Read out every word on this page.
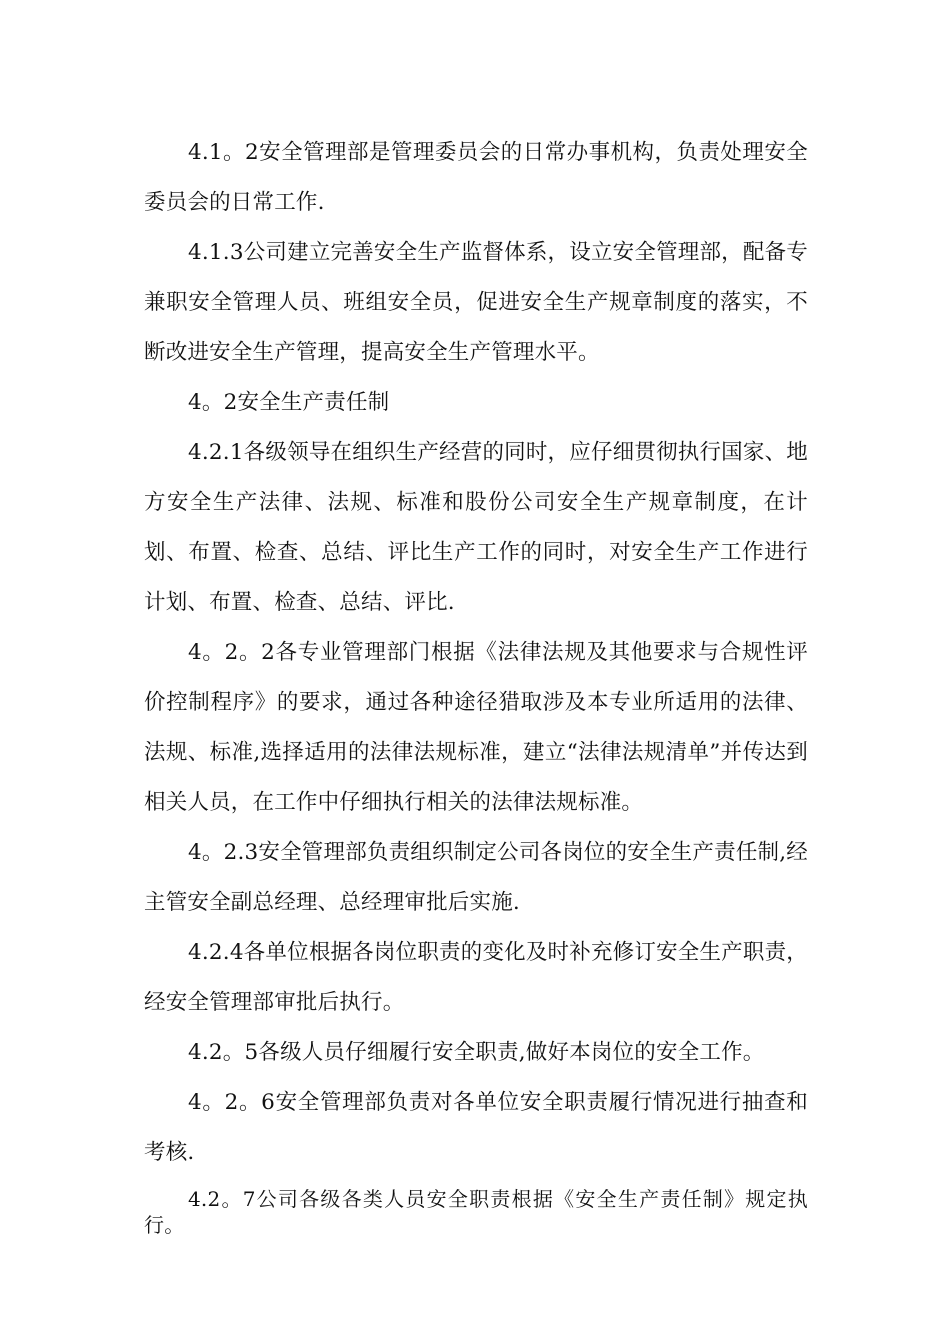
4.1。2安全管理部是管理委员会的日常办事机构，负责处理安全委员会的日常工作.

4.1.3公司建立完善安全生产监督体系，设立安全管理部，配备专兼职安全管理人员、班组安全员，促进安全生产规章制度的落实，不断改进安全生产管理，提高安全生产管理水平。

4。2安全生产责任制

4.2.1各级领导在组织生产经营的同时，应仔细贯彻执行国家、地方安全生产法律、法规、标准和股份公司安全生产规章制度，在计划、布置、检查、总结、评比生产工作的同时，对安全生产工作进行计划、布置、检查、总结、评比.

4。2。2各专业管理部门根据《法律法规及其他要求与合规性评价控制程序》的要求，通过各种途径猎取涉及本专业所适用的法律、法规、标准,选择适用的法律法规标准，建立“法律法规清单”并传达到相关人员，在工作中仔细执行相关的法律法规标准。

4。2.3安全管理部负责组织制定公司各岗位的安全生产责任制,经主管安全副总经理、总经理审批后实施.

4.2.4各单位根据各岗位职责的变化及时补充修订安全生产职责，经安全管理部审批后执行。

4.2。5各级人员仔细履行安全职责,做好本岗位的安全工作。

4。2。6安全管理部负责对各单位安全职责履行情况进行抽查和考核.

4.2。7公司各级各类人员安全职责根据《安全生产责任制》规定执行。
